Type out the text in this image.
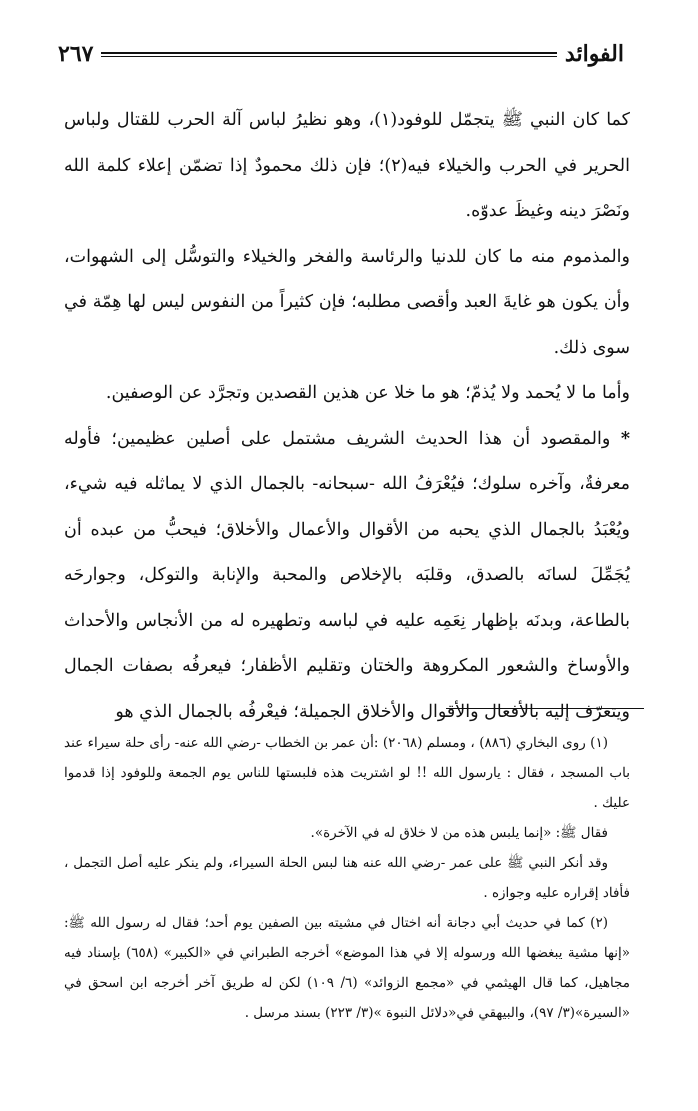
الفوائد
٢٦٧

كما كان النبي ﷺ يتجمّل للوفود(١)، وهو نظيرُ لباس آلة الحرب للقتال ولباس الحرير في الحرب والخيلاء فيه(٢)؛ فإن ذلك محمودٌ إذا تضمّن إعلاء كلمة الله ونَصْرَ دينه وغيظَ عدوّه.

والمذموم منه ما كان للدنيا والرئاسة والفخر والخيلاء والتوسُّل إلى الشهوات، وأن يكون هو غايةَ العبد وأقصى مطلبه؛ فإن كثيراً من النفوس ليس لها هِمّة في سوى ذلك.

وأما ما لا يُحمد ولا يُذمّ؛ هو ما خلا عن هذين القصدين وتجرَّد عن الوصفين.

* والمقصود أن هذا الحديث الشريف مشتمل على أصلين عظيمين؛ فأوله معرفةٌ، وآخره سلوك؛ فيُعْرَفُ الله -سبحانه- بالجمال الذي لا يماثله فيه شيء، ويُعْبَدُ بالجمال الذي يحبه من الأقوال والأعمال والأخلاق؛ فيحبُّ من عبده أن يُجَمِّلَ لسانَه بالصدق، وقلبَه بالإخلاص والمحبة والإنابة والتوكل، وجوارحَه بالطاعة، وبدنَه بإظهار نِعَمِه عليه في لباسه وتطهيره له من الأنجاس والأحداث والأوساخ والشعور المكروهة والختان وتقليم الأظفار؛ فيعرفُه بصفات الجمال ويتعرّف إليه بالأفعال والأقوال والأخلاق الجميلة؛ فيعْرفُه بالجمال الذي هو

(١) روى البخاري (٨٨٦) ، ومسلم (٢٠٦٨) :أن عمر بن الخطاب -رضي الله عنه- رأى حلة سيراء عند باب المسجد ، فقال : يارسول الله !! لو اشتريت هذه فلبستها للناس يوم الجمعة وللوفود إذا قدموا عليك .

فقال ﷺ: «إنما يلبس هذه من لا خلاق له في الآخرة».

وقد أنكر النبي ﷺ على عمر -رضي الله عنه هنا لبس الحلة السيراء، ولم ينكر عليه أصل التجمل ، فأفاد إقراره عليه وجوازه .

(٢) كما في حديث أبي دجانة أنه اختال في مشيته بين الصفين يوم أحد؛ فقال له رسول الله ﷺ: «إنها مشية يبغضها الله ورسوله إلا في هذا الموضع» أخرجه الطبراني في «الكبير» (٦٥٨) بإسناد فيه مجاهيل، كما قال الهيثمي في «مجمع الزوائد» (٦/ ١٠٩) لكن له طريق آخر أخرجه ابن اسحق في «السيرة»(٣/ ٩٧)، والبيهقي في«دلائل النبوة »(٣/ ٢٢٣) بسند مرسل .
